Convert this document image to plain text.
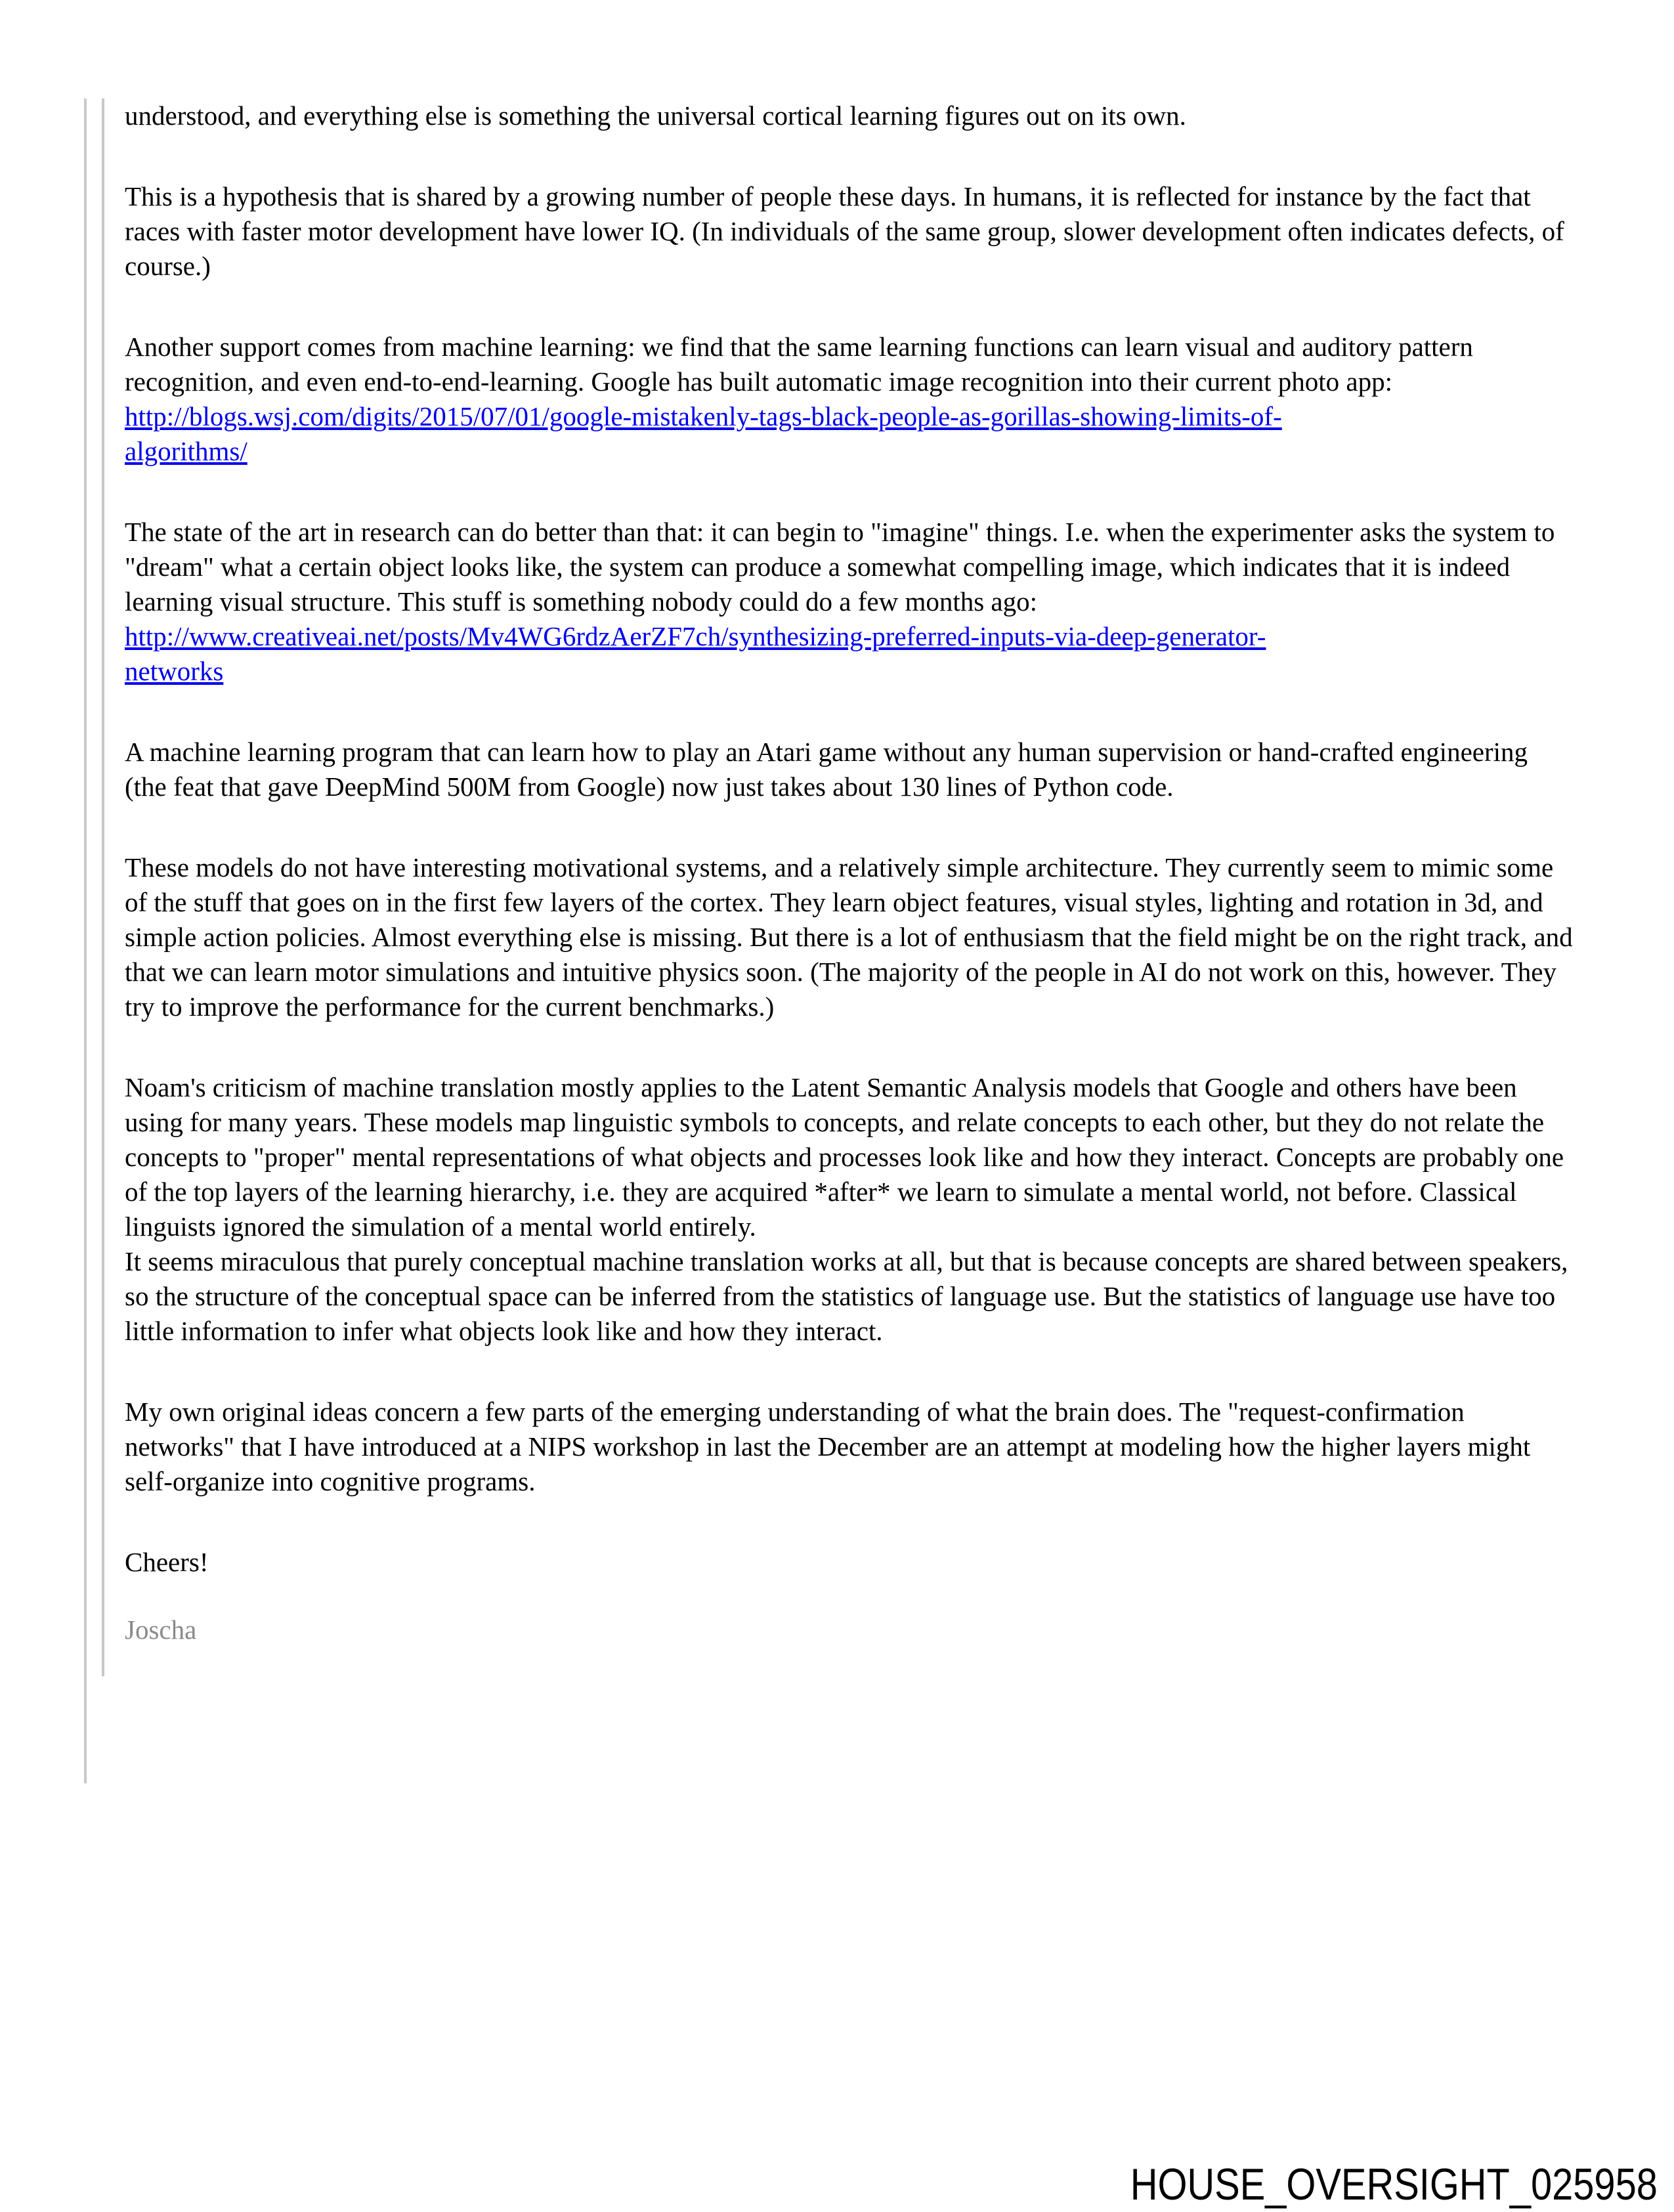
understood, and everything else is something the universal cortical learning figures out on its own.

This is a hypothesis that is shared by a growing number of people these days. In humans, it is reflected for instance by the fact that races with faster motor development have lower IQ. (In individuals of the same group, slower development often indicates defects, of course.)

Another support comes from machine learning: we find that the same learning functions can learn visual and auditory pattern recognition, and even end-to-end-learning. Google has built automatic image recognition into their current photo app:
http://blogs.wsj.com/digits/2015/07/01/google-mistakenly-tags-black-people-as-gorillas-showing-limits-of-
algorithms/

The state of the art in research can do better than that: it can begin to "imagine" things. I.e. when the experimenter asks the system to "dream" what a certain object looks like, the system can produce a somewhat compelling image, which indicates that it is indeed learning visual structure. This stuff is something nobody could do a few months ago:
http://www.creativeai.net/posts/Mv4WG6rdzAerZF7ch/synthesizing-preferred-inputs-via-deep-generator-
networks

A machine learning program that can learn how to play an Atari game without any human supervision or hand-crafted engineering (the feat that gave DeepMind 500M from Google) now just takes about 130 lines of Python code.

These models do not have interesting motivational systems, and a relatively simple architecture. They currently seem to mimic some of the stuff that goes on in the first few layers of the cortex. They learn object features, visual styles, lighting and rotation in 3d, and simple action policies. Almost everything else is missing. But there is a lot of enthusiasm that the field might be on the right track, and that we can learn motor simulations and intuitive physics soon. (The majority of the people in AI do not work on this, however. They try to improve the performance for the current benchmarks.)

Noam's criticism of machine translation mostly applies to the Latent Semantic Analysis models that Google and others have been using for many years. These models map linguistic symbols to concepts, and relate concepts to each other, but they do not relate the concepts to "proper" mental representations of what objects and processes look like and how they interact. Concepts are probably one of the top layers of the learning hierarchy, i.e. they are acquired *after* we learn to simulate a mental world, not before. Classical linguists ignored the simulation of a mental world entirely.
It seems miraculous that purely conceptual machine translation works at all, but that is because concepts are shared between speakers, so the structure of the conceptual space can be inferred from the statistics of language use. But the statistics of language use have too little information to infer what objects look like and how they interact.

My own original ideas concern a few parts of the emerging understanding of what the brain does. The "request-confirmation networks" that I have introduced at a NIPS workshop in last the December are an attempt at modeling how the higher layers might self-organize into cognitive programs.

Cheers!

Joscha

HOUSE_OVERSIGHT_025958
